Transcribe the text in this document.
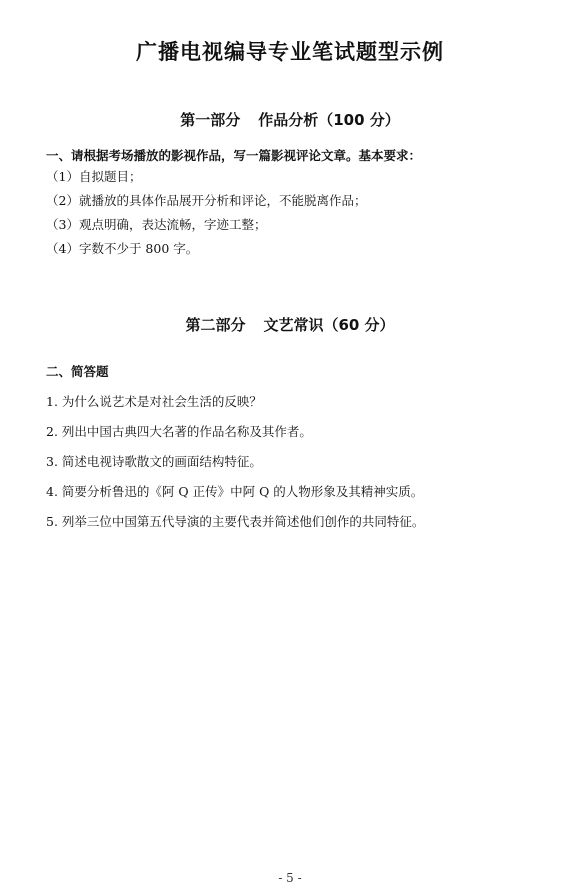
广播电视编导专业笔试题型示例
第一部分 作品分析（100 分）
一、请根据考场播放的影视作品，写一篇影视评论文章。基本要求：
（1）自拟题目；
（2）就播放的具体作品展开分析和评论，不能脱离作品；
（3）观点明确，表达流畅，字迹工整；
（4）字数不少于 800 字。
第二部分 文艺常识（60 分）
二、简答题
1. 为什么说艺术是对社会生活的反映？
2. 列出中国古典四大名著的作品名称及其作者。
3. 简述电视诗歌散文的画面结构特征。
4. 简要分析鲁迅的《阿 Q 正传》中阿 Q 的人物形象及其精神实质。
5. 列举三位中国第五代导演的主要代表并简述他们创作的共同特征。
- 5 -
